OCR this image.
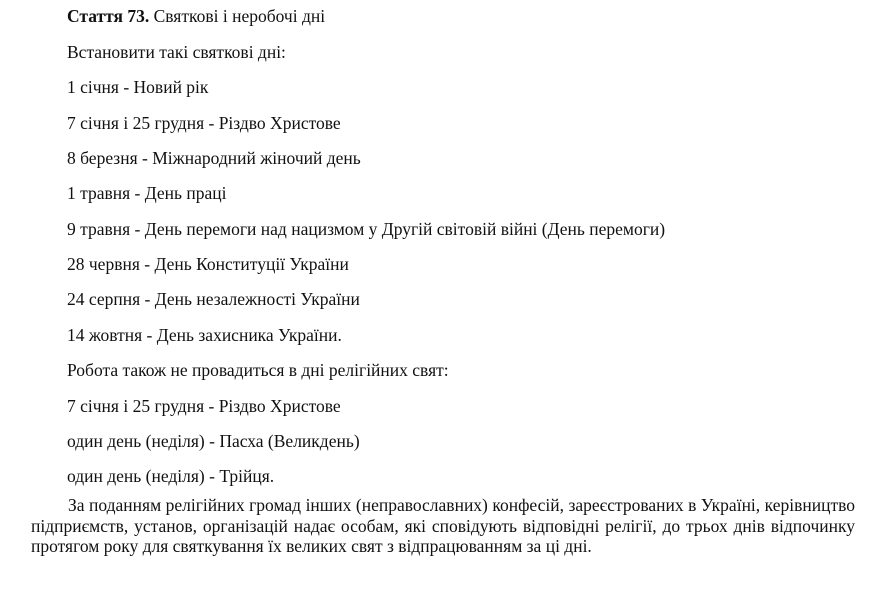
Стаття 73. Святкові і неробочі дні
Встановити такі святкові дні:
1 січня - Новий рік
7 січня і 25 грудня - Різдво Христове
8 березня - Міжнародний жіночий день
1 травня - День праці
9 травня - День перемоги над нацизмом у Другій світовій війні (День перемоги)
28 червня - День Конституції України
24 серпня - День незалежності України
14 жовтня - День захисника України.
Робота також не провадиться в дні релігійних свят:
7 січня і 25 грудня - Різдво Христове
один день (неділя) - Пасха (Великдень)
один день (неділя) - Трійця.
За поданням релігійних громад інших (неправославних) конфесій, зареєстрованих в Україні, керівництво підприємств, установ, організацій надає особам, які сповідують відповідні релігії, до трьох днів відпочинку протягом року для святкування їх великих свят з відпрацюванням за ці дні.
